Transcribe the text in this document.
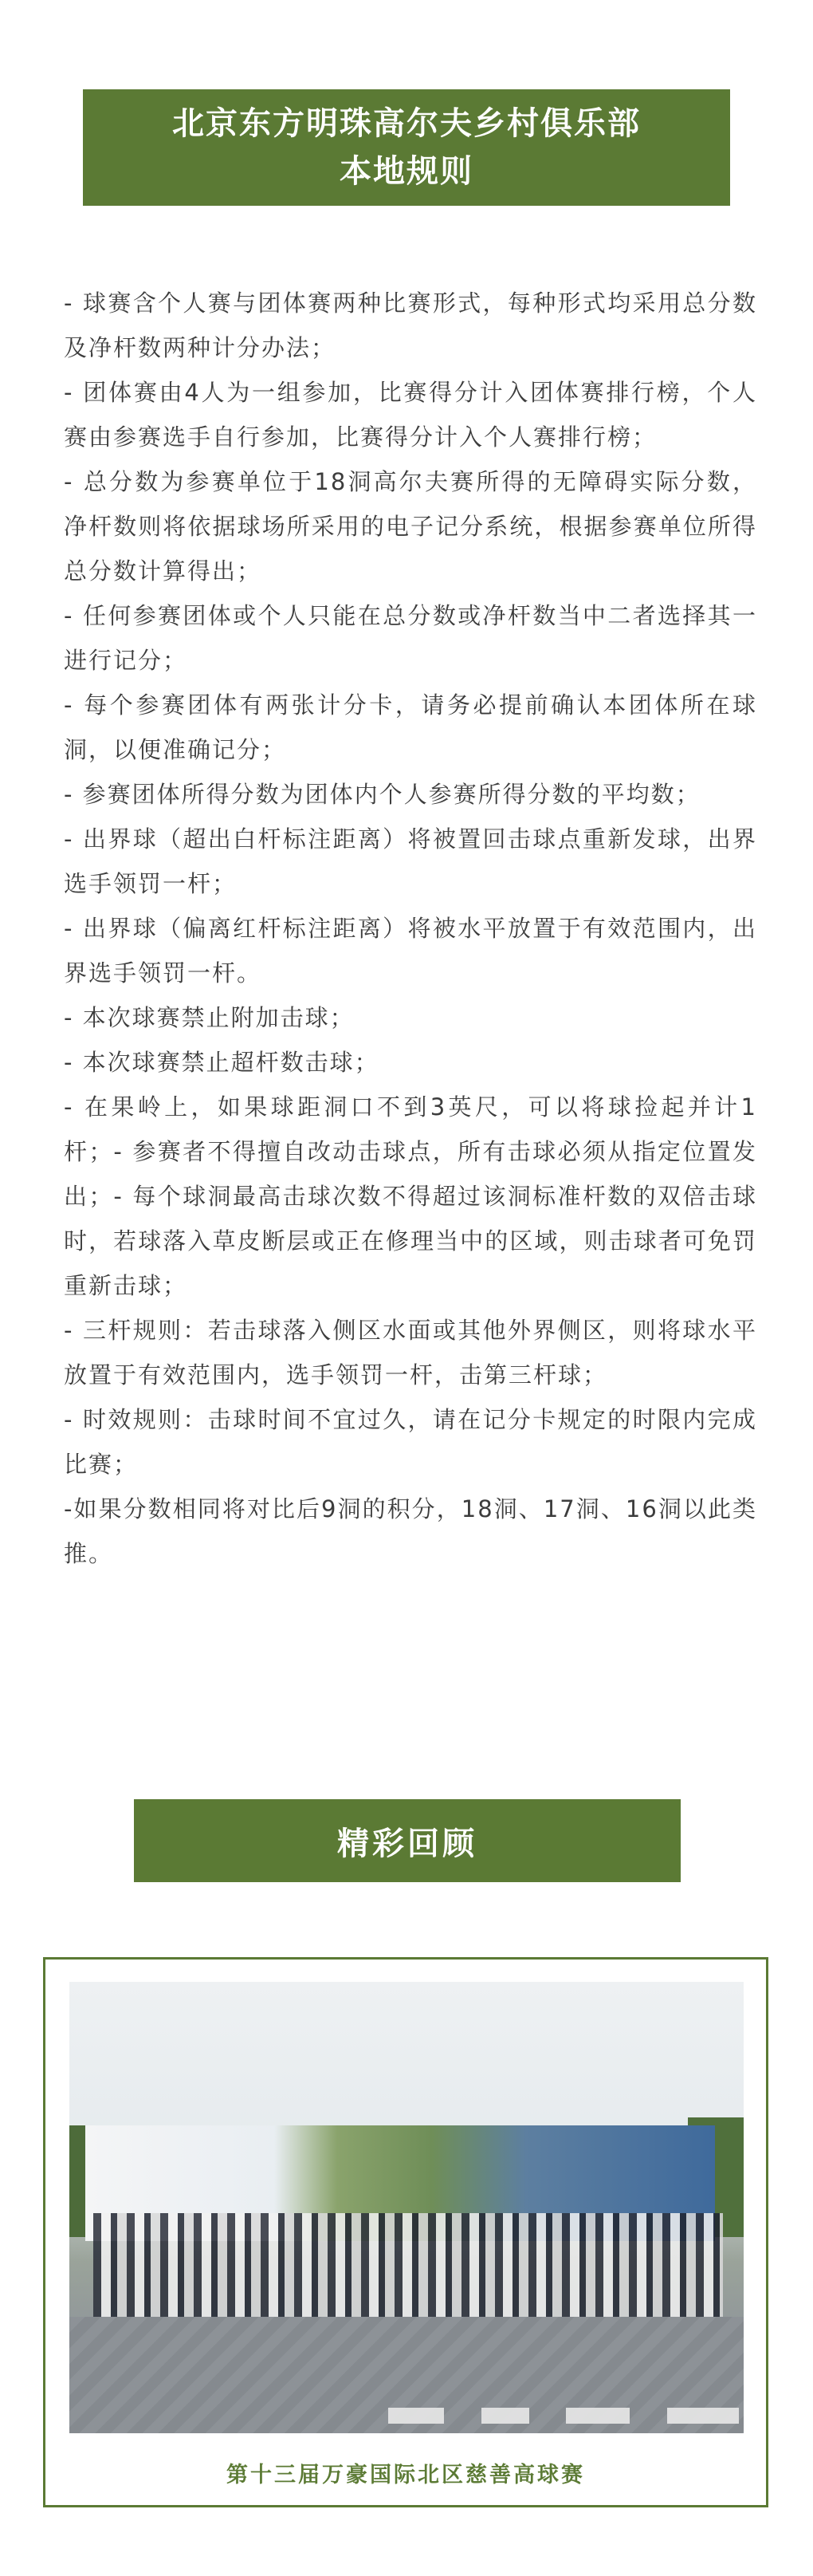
北京东方明珠高尔夫乡村俱乐部
本地规则

- 球赛含个人赛与团体赛两种比赛形式，每种形式均采用总分数及净杆数两种计分办法；

- 团体赛由4人为一组参加，比赛得分计入团体赛排行榜，个人赛由参赛选手自行参加，比赛得分计入个人赛排行榜；

- 总分数为参赛单位于18洞高尔夫赛所得的无障碍实际分数，净杆数则将依据球场所采用的电子记分系统，根据参赛单位所得总分数计算得出；

- 任何参赛团体或个人只能在总分数或净杆数当中二者选择其一进行记分；

- 每个参赛团体有两张计分卡，请务必提前确认本团体所在球洞，以便准确记分；

- 参赛团体所得分数为团体内个人参赛所得分数的平均数；

- 出界球（超出白杆标注距离）将被置回击球点重新发球，出界选手领罚一杆；

- 出界球（偏离红杆标注距离）将被水平放置于有效范围内，出界选手领罚一杆。

- 本次球赛禁止附加击球；

- 本次球赛禁止超杆数击球；

- 在果岭上，如果球距洞口不到3英尺，可以将球捡起并计1杆；- 参赛者不得擅自改动击球点，所有击球必须从指定位置发出；- 每个球洞最高击球次数不得超过该洞标准杆数的双倍击球时，若球落入草皮断层或正在修理当中的区域，则击球者可免罚重新击球；

- 三杆规则：若击球落入侧区水面或其他外界侧区，则将球水平放置于有效范围内，选手领罚一杆，击第三杆球；

- 时效规则：击球时间不宜过久，请在记分卡规定的时限内完成比赛；

-如果分数相同将对比后9洞的积分，18洞、17洞、16洞以此类推。

精彩回顾
第十三届万豪国际北区慈善高球赛
